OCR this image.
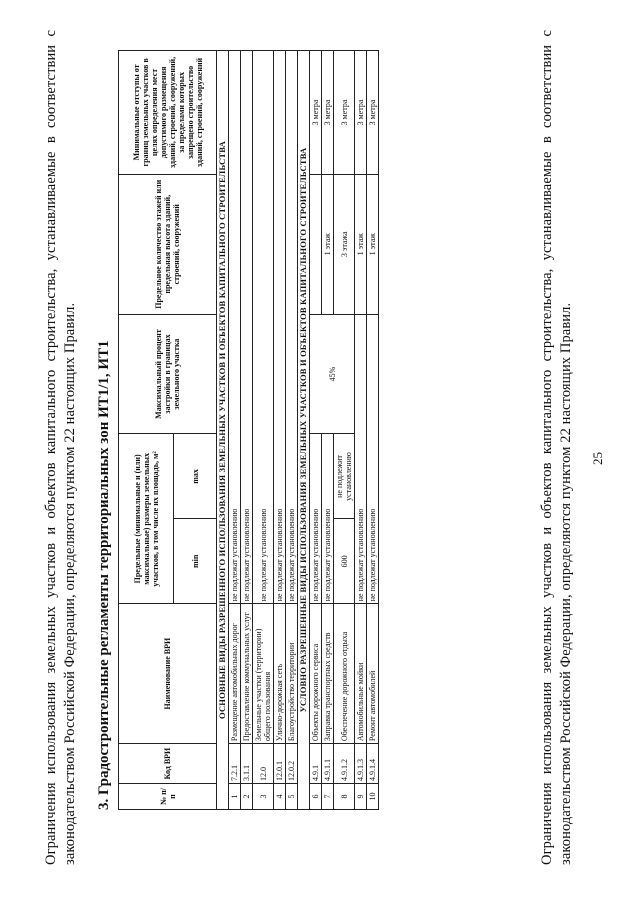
25
Ограничения использования земельных участков и объектов капитального строительства, устанавливаемые в соответствии с законодательством Российской Федерации, определяются пунктом 22 настоящих Правил. 3. Градостроительные регламенты территориальных зон ИТ1/1, ИТ1	№ п/п	Код ВРИ	Наименование ВРИ	Предельные (минимальные и (или) максимальные) размеры земельных участков, в том числе их площадь, м²		Максимальный процент застройки в границах земельного участка	Предельное количество этажей или предельная высота зданий, строений, сооружений	Минимальные отступы от границ земельных участков в целях определения мест допустимого размещения зданий, строений, сооружений, за пределами которых запрещено строительство зданий, строений, сооружений
			min	max			
ОСНОВНЫЕ ВИДЫ РАЗРЕШЕННОГО ИСПОЛЬЗОВАНИЯ ЗЕМЕЛЬНЫХ УЧАСТКОВ И ОБЪЕКТОВ КАПИТАЛЬНОГО СТРОИТЕЛЬСТВА							
1	7.2.1	Размещение автомобильных дорог	не подлежат установлению				
2	3.1.1	Предоставление коммунальных услуг	не подлежат установлению				
3	12.0	Земельные участки (территории) общего пользования	не подлежат установлению				
4	12.0.1	Улично-дорожная сеть	не подлежат установлению				
5	12.0.2	Благоустройство территории	не подлежат установлению				
УСЛОВНО РАЗРЕШЕННЫЕ ВИДЫ ИСПОЛЬЗОВАНИЯ ЗЕМЕЛЬНЫХ УЧАСТКОВ И ОБЪЕКТОВ КАПИТАЛЬНОГО СТРОИТЕЛЬСТВА							
6	4.9.1	Объекты дорожного сервиса	не подлежат установлению		45%		3 метра
7	4.9.1.1	Заправка транспортных средств	не подлежат установлению			1 этаж	3 метра
8	4.9.1.2	Обеспечение дорожного отдыха	600	не подлежит установлению		3 этажа	3 метра
9	4.9.1.3	Автомобильные мойки	не подлежат установлению			1 этаж	3 метра
10	4.9.1.4	Ремонт автомобилей	не подлежат установлению			1 этаж	3 метра	Ограничения использования земельных участков и объектов капитального строительства, устанавливаемые в соответствии с законодательством Российской Федерации, определяются пунктом 22 настоящих Правил.
